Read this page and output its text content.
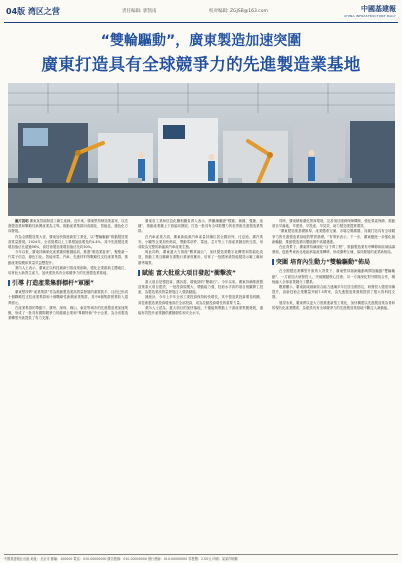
04版 湾区之营	责任编辑: 郭凯南	校对编辑: ZGJSB@163.com	中國基建報
CHINA INFRASTRUCTURE DAILY
“雙輪驅動”，廣東製造加速突圍
廣東打造具有全球競爭力的先進製造業基地

圖片說明 廣東某智能制造工廠生產線。近年來，廣東堅持制造業當家，以先進製造業和戰略性新興產業為主導，推動產業集群向高端化、智能化、綠色化方向發展。

作為全國製造業大省，廣東加快推進新型工業化，以“雙輪驅動”推動製造業高質量發展。2024年，全省規模以上工業增加值增長約4.4%，其中先進製造業增加值佔比超過56%，高技術製造業增加值佔比約30%。

今年以來，廣東持續深化產業鏈供應鏈協同，推進“制造業當家”，聚焦新一代電子信息、綠色石化、智能家電、汽車、先進材料等戰略性支柱產業集群，推動產業規模和質量效益雙提升。

業內人士表示，廣東正以科技創新引領產業創新，強化企業創新主體地位，培育壯大新質生產力，加快建設具有全球競爭力的先進製造業基地。

引導 打造產業集群標杆“軍團”

廣東堅持將“產業集群”作為推動製造業高質量發展的重要抓手，目前已形成十個戰略性支柱產業集群和十個戰略性新興產業集群，其中8個集群營業收入超萬億元。

在產業集群的帶動下，廣州、深圳、佛山、東莞等城市的先進製造業加速集聚，形成了一批具有國際競爭力的龍頭企業和“專精特新”中小企業，為全省製造業轉型升級提供了有力支撐。

廣東省工業和信息化廳相關負責人表示，將繼續圍繞“穩鏈、補鏈、強鏈、延鏈”，推動產業鏈上下游協同發展，打造一批具有全球影響力的世界級先進製造業集群。

在汽車產業方面，廣東新能源汽車產量持續位居全國前列，比亞迪、廣汽埃安、小鵬等企業加快佈局，帶動零部件、電池、芯片等上下游產業鏈加快完善，形成較為完整的新能源汽車產業生態。

與此同時，廣東還大力推進“數實融合”，加快製造業數字化轉型和智能化改造，推動工業互聯網在重點行業深度應用，培育了一批國家級智能製造示範工廠和優秀場景。

賦能 富大批重大項目發起“衝擊波”

重大項目是穩投資、擴內需、增後勁的“壓艙石”。今年以來，廣東持續推進製造業重大項目建設，一批投資規模大、帶動能力強、技術水平高的項目相繼開工投產，為製造業高質量發展注入強勁動能。

據統計，今年上半年全省工業投資保持較快增長，其中製造業投資增長明顯，高技術製造業投資增速高於全部投資，成為拉動投資增長的重要力量。

業內人士認為，重大項目的加快落地，不僅能夠帶動上下游產業集聚發展，還能有效提升產業鏈供應鏈韌性和安全水平。

同時，廣東積極優化營商環境，完善項目服務保障機制，強化要素保障，推動項目早落地、早建設、早投產、早見效，助力製造業提質增效。

“廣東製造業基礎雄厚、產業體系完備、市場空間廣闊，具備打造具有全球競爭力的先進製造業基地的堅實基礎。”有專家表示，下一步，廣東應進一步強化創新驅動，推動製造業向價值鏈中高端邁進。

在此背景下，廣東將持續深化“百千萬工程”，推動製造業有序轉移和區域協調發展，促進粵東西北地區承接產業轉移，形成優勢互補、協同發展的產業新格局。

突圍 培育內生動力“雙輪驅動”佈局

在全國製造業轉型升級的大背景下，廣東堅持創新驅動與開放驅動“雙輪驅動”，一方面加大研發投入，突破關鍵核心技術；另一方面深化對外開放合作，積極融入全球產業鏈分工體系。

數據顯示，廣東區域創新綜合能力連續多年位居全國首位，研發投入強度持續提升，高新技術企業數量突破7.5萬家，為先進製造業發展提供了強大的科技支撐。

展望未來，廣東將以更大力度推進新型工業化，加快構建以先進製造業為骨幹的現代化產業體系，為建設具有全球競爭力的先進製造業基地不斷注入新動能。

中國基建報社出版 地址：北京市 郵編：100000 電話：010-00000000 廣告熱線：010-00000000 發行熱線：010-00000000 零售價：2.00元 印刷：某某印刷廠
